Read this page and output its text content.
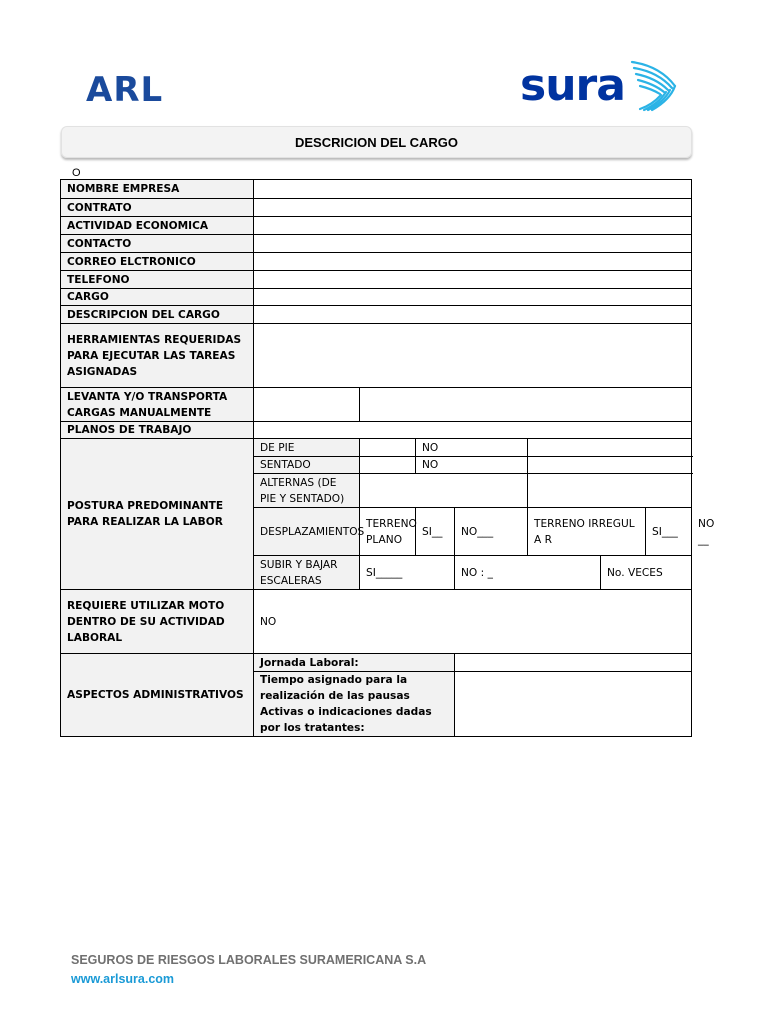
ARL	sura
DESCRICION DEL CARGO
O
NOMBRE EMPRESA								
CONTRATO								
ACTIVIDAD ECONOMICA								
CONTACTO								
CORREO ELCTRONICO								
TELEFONO								
CARGO								
DESCRIPCION DEL CARGO								
HERRAMIENTAS REQUERIDAS PARA EJECUTAR LAS TAREAS ASIGNADAS								
LEVANTA Y/O TRANSPORTA CARGAS MANUALMENTE								
PLANOS DE TRABAJO								
POSTURA PREDOMINANTE PARA REALIZAR LA LABOR	DE PIE		NO					
	SENTADO		NO					
	ALTERNAS (DE PIE Y SENTADO)							
	DESPLAZAMIENTOS	TERRENO PLANO	SI__	NO___	TERRENO IRREGULA R		SI___	NO __
	SUBIR Y BAJAR ESCALERAS	SI_____		NO : _		No. VECES		
REQUIERE UTILIZAR MOTO DENTRO DE SU ACTIVIDAD LABORAL	NO							
ASPECTOS ADMINISTRATIVOS	Jornada Laboral:							
	Tiempo asignado para la realización de las pausas Activas o indicaciones dadas por los tratantes:							
SEGUROS DE RIESGOS LABORALES SURAMERICANA S.A
www.arlsura.com
